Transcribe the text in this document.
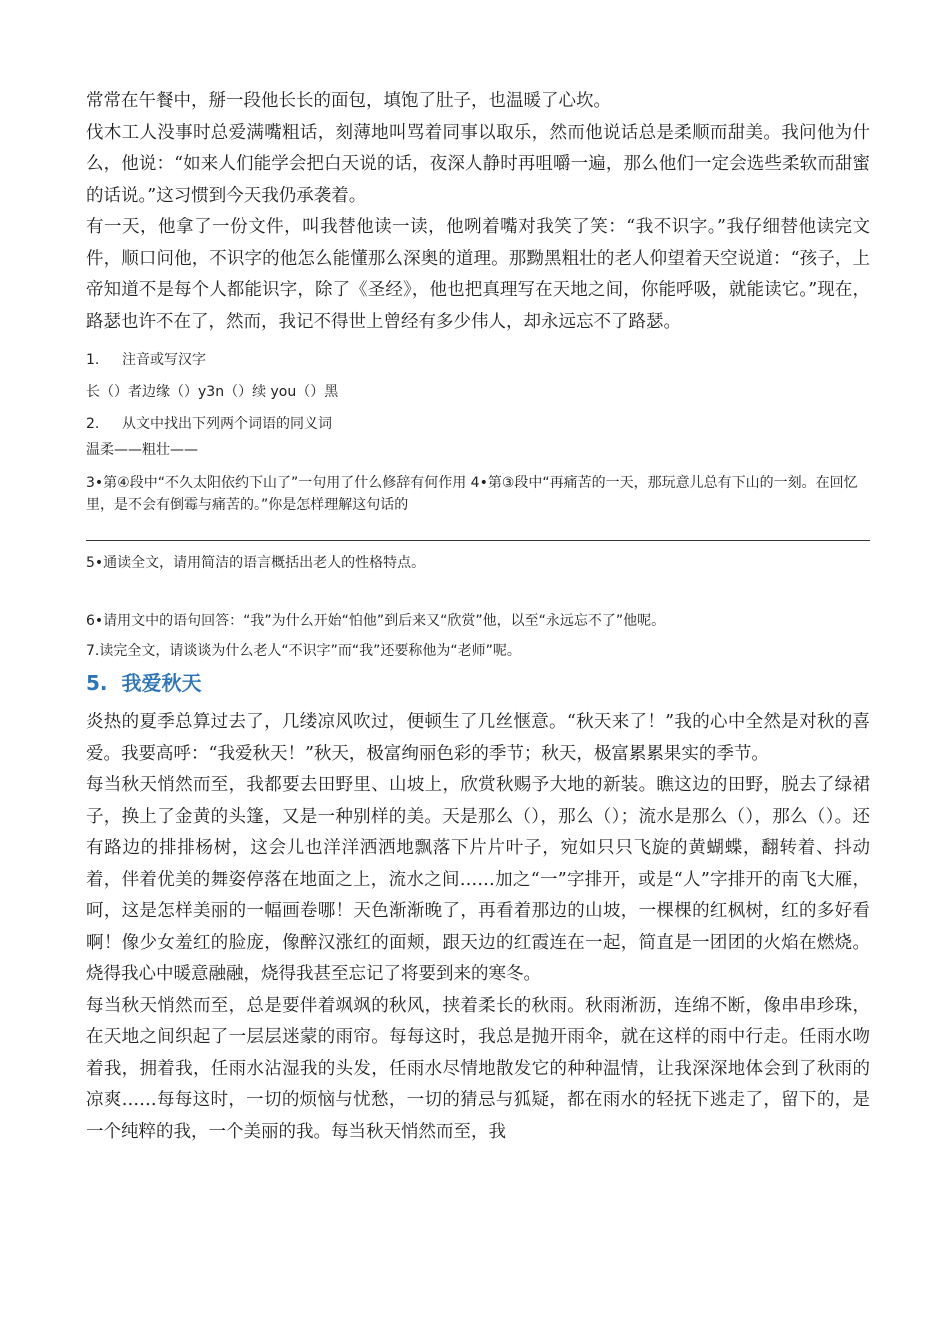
常常在午餐中，掰一段他长长的面包，填饱了肚子，也温暖了心坎。

伐木工人没事时总爱满嘴粗话，刻薄地叫骂着同事以取乐，然而他说话总是柔顺而甜美。我问他为什么，他说：“如来人们能学会把白天说的话，夜深人静时再咀嚼一遍，那么他们一定会选些柔软而甜蜜的话说。”这习惯到今天我仍承袭着。

有一天，他拿了一份文件，叫我替他读一读，他咧着嘴对我笑了笑：“我不识字。”我仔细替他读完文件，顺口问他，不识字的他怎么能懂那么深奥的道理。那黝黑粗壮的老人仰望着天空说道：“孩子，上帝知道不是每个人都能识字，除了《圣经》，他也把真理写在天地之间，你能呼吸，就能读它。”现在，路瑟也许不在了，然而，我记不得世上曾经有多少伟人，却永远忘不了路瑟。

1.	注音或写汉字
长（）者边缘（）y3n（）续 you（）黑
2.	从文中找出下列两个词语的同义词
温柔——粗壮——
3•第④段中“不久太阳依约下山了”一句用了什么修辞有何作用 4•第③段中“再痛苦的一天，那玩意儿总有下山的一刻。在回忆里，是不会有倒霉与痛苦的。”你是怎样理解这句话的
5•通读全文，请用简洁的语言概括出老人的性格特点。
6•请用文中的语句回答：“我”为什么开始“怕他”到后来又“欣赏”他，以至“永远忘不了”他呢。
7.读完全文，请谈谈为什么老人“不识字”而“我”还要称他为“老师”呢。
5. 我爱秋天

炎热的夏季总算过去了，几缕凉风吹过，便顿生了几丝惬意。“秋天来了！”我的心中全然是对秋的喜爱。我要高呼：“我爱秋天！”秋天，极富绚丽色彩的季节；秋天，极富累累果实的季节。

每当秋天悄然而至，我都要去田野里、山坡上，欣赏秋赐予大地的新装。瞧这边的田野，脱去了绿裙子，换上了金黄的头篷，又是一种别样的美。天是那么（），那么（）；流水是那么（），那么（）。还有路边的排排杨树，这会儿也洋洋洒洒地飘落下片片叶子，宛如只只飞旋的黄蝴蝶，翻转着、抖动着，伴着优美的舞姿停落在地面之上，流水之间……加之“一”字排开，或是“人”字排开的南飞大雁，呵，这是怎样美丽的一幅画卷哪！天色渐渐晚了，再看着那边的山坡，一棵棵的红枫树，红的多好看啊！像少女羞红的脸庞，像醉汉涨红的面颊，跟天边的红霞连在一起，简直是一团团的火焰在燃烧。烧得我心中暖意融融，烧得我甚至忘记了将要到来的寒冬。

每当秋天悄然而至，总是要伴着飒飒的秋风，挟着柔长的秋雨。秋雨淅沥，连绵不断，像串串珍珠，在天地之间织起了一层层迷蒙的雨帘。每每这时，我总是抛开雨伞，就在这样的雨中行走。任雨水吻着我，拥着我，任雨水沾湿我的头发，任雨水尽情地散发它的种种温情，让我深深地体会到了秋雨的凉爽……每每这时，一切的烦恼与忧愁，一切的猜忌与狐疑，都在雨水的轻抚下逃走了，留下的，是一个纯粹的我，一个美丽的我。每当秋天悄然而至，我
